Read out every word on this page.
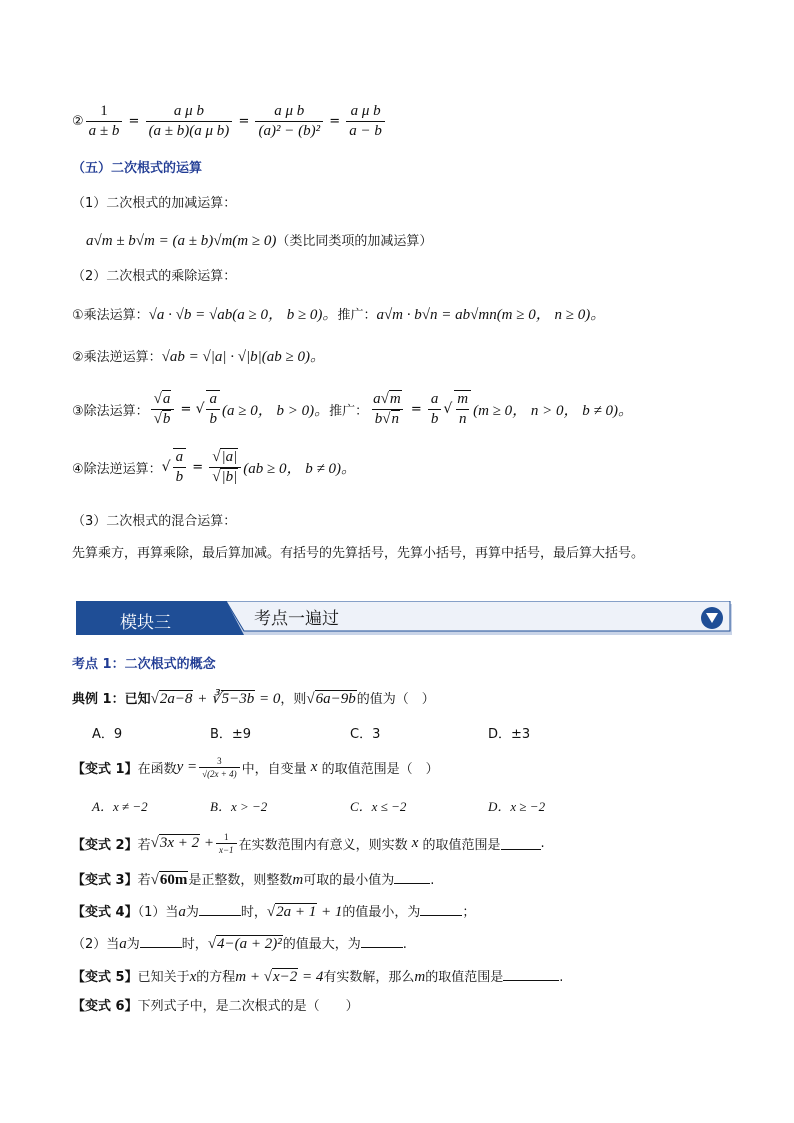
② $\frac{1}{a \pm b} = \frac{\text{a μ b}}{\text{(a ± b)(a μ b)}} = \frac{\text{a μ b}}{\text{(a)² − (b)²}} = \frac{\text{a μ b}}{a - b}$
（五）二次根式的运算
（1）二次根式的加减运算：
a√m ± b√m = (a ± b)√m(m ≥ 0)（类比同类项的加减运算）
（2）二次根式的乘除运算：
①乘法运算：√a · √b = √ab(a ≥ 0， b ≥ 0)。推广：a√m · b√n = ab√mn(m ≥ 0， n ≥ 0)。
②乘法逆运算：√ab = √|a| · √|b|(ab ≥ 0)。
③除法运算： $\frac{√a}{√b}$ = √ $\frac{a}{b} (a \ge 0$， b > 0)。 推广： $\frac{a√m}{b√n} = \frac{a}{b}$ √ $\frac{m}{n} (m \ge 0$， n > 0， b ≠ 0)。
④除法逆运算： √ $\frac{a}{b} = \frac{√|a|}{√|b|} (ab \ge 0$， b ≠ 0)。
（3）二次根式的混合运算：
先算乘方，再算乘除，最后算加减。有括号的先算括号，先算小括号，再算中括号，最后算大括号。
模块三	考点一遍过
考点 1：二次根式的概念
典例 1：已知√2a−8 + ∛5−3b = 0，则√6a−9b的值为（　）
A．9	B．±9	C．3	D．±3
【变式 1】 在函数 $y = \frac{3}{√(2x + 4)}$ 中，自变量
x
的取值范围是（　）
A．x ≠ −2	B．x > −2	C．x ≤ −2	D．x ≥ −2
【变式 2】 若 $√3x + 2 + \frac{1}{x-1}$ 在实数范围内有意义，则实数
x
的取值范围是	.
【变式 3】若√60m是正整数，则整数m可取的最小值为	.
【变式 4】（1）当a为	时，√2a + 1 + 1的值最小，为	；
（2）当a为	时，√4−(a + 2)²的值最大，为	.
【变式 5】已知关于x的方程m + √x−2 = 4有实数解，那么m的取值范围是	.
【变式 6】下列式子中，是二次根式的是（　　）
